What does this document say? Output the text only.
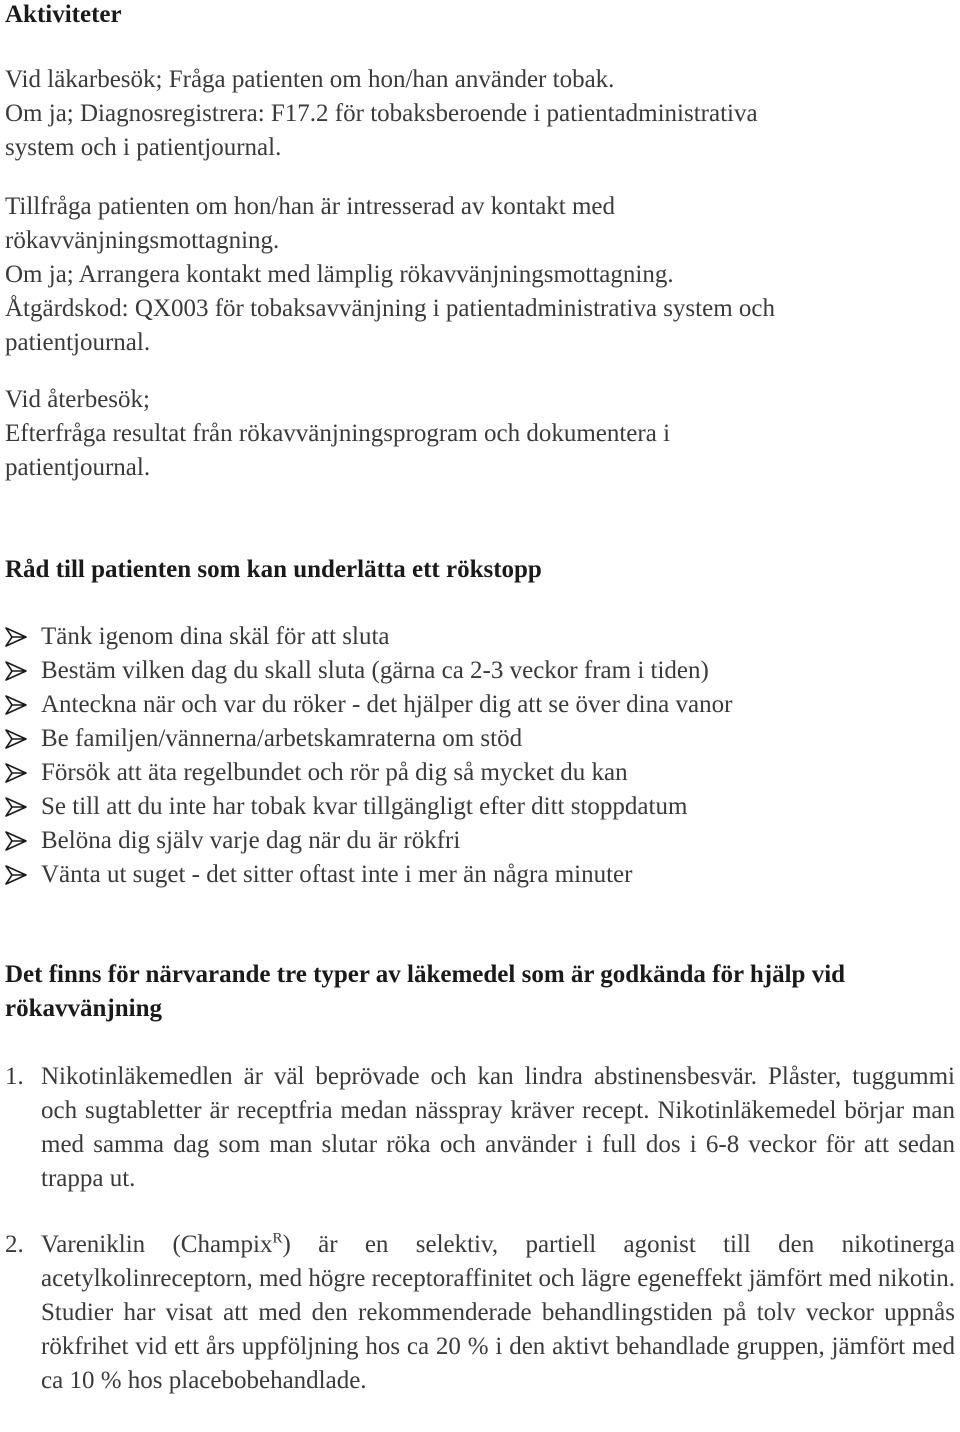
Aktiviteter

Vid läkarbesök; Fråga patienten om hon/han använder tobak.

Om ja; Diagnosregistrera: F17.2 för tobaksberoende i patientadministrativa

system och i patientjournal.

Tillfråga patienten om hon/han är intresserad av kontakt med

rökavvänjningsmottagning.

Om ja; Arrangera kontakt med lämplig rökavvänjningsmottagning.

Åtgärdskod: QX003 för tobaksavvänjning i patientadministrativa system och

patientjournal.

Vid återbesök;

Efterfråga resultat från rökavvänjningsprogram och dokumentera i

patientjournal.

Råd till patienten som kan underlätta ett rökstopp

Tänk igenom dina skäl för att sluta
Bestäm vilken dag du skall sluta (gärna ca 2-3 veckor fram i tiden)
Anteckna när och var du röker - det hjälper dig att se över dina vanor
Be familjen/vännerna/arbetskamraterna om stöd
Försök att äta regelbundet och rör på dig så mycket du kan
Se till att du inte har tobak kvar tillgängligt efter ditt stoppdatum
Belöna dig själv varje dag när du är rökfri
Vänta ut suget - det sitter oftast inte i mer än några minuter

Det finns för närvarande tre typer av läkemedel som är godkända för hjälp vid rökavvänjning

1. Nikotinläkemedlen är väl beprövade och kan lindra abstinensbesvär. Plåster, tuggummi och sugtabletter är receptfria medan nässpray kräver recept. Nikotinläkemedel börjar man med samma dag som man slutar röka och använder i full dos i 6-8 veckor för att sedan trappa ut.

2. Vareniklin (Champix$^R$) är en selektiv, partiell agonist till den nikotinerga acetylkolinreceptorn, med högre receptoraffinitet och lägre egeneffekt jämfört med nikotin. Studier har visat att med den rekommenderade behandlingstiden på tolv veckor uppnås rökfrihet vid ett års uppföljning hos ca 20 % i den aktivt behandlade gruppen, jämfört med ca 10 % hos placebobehandlade.
